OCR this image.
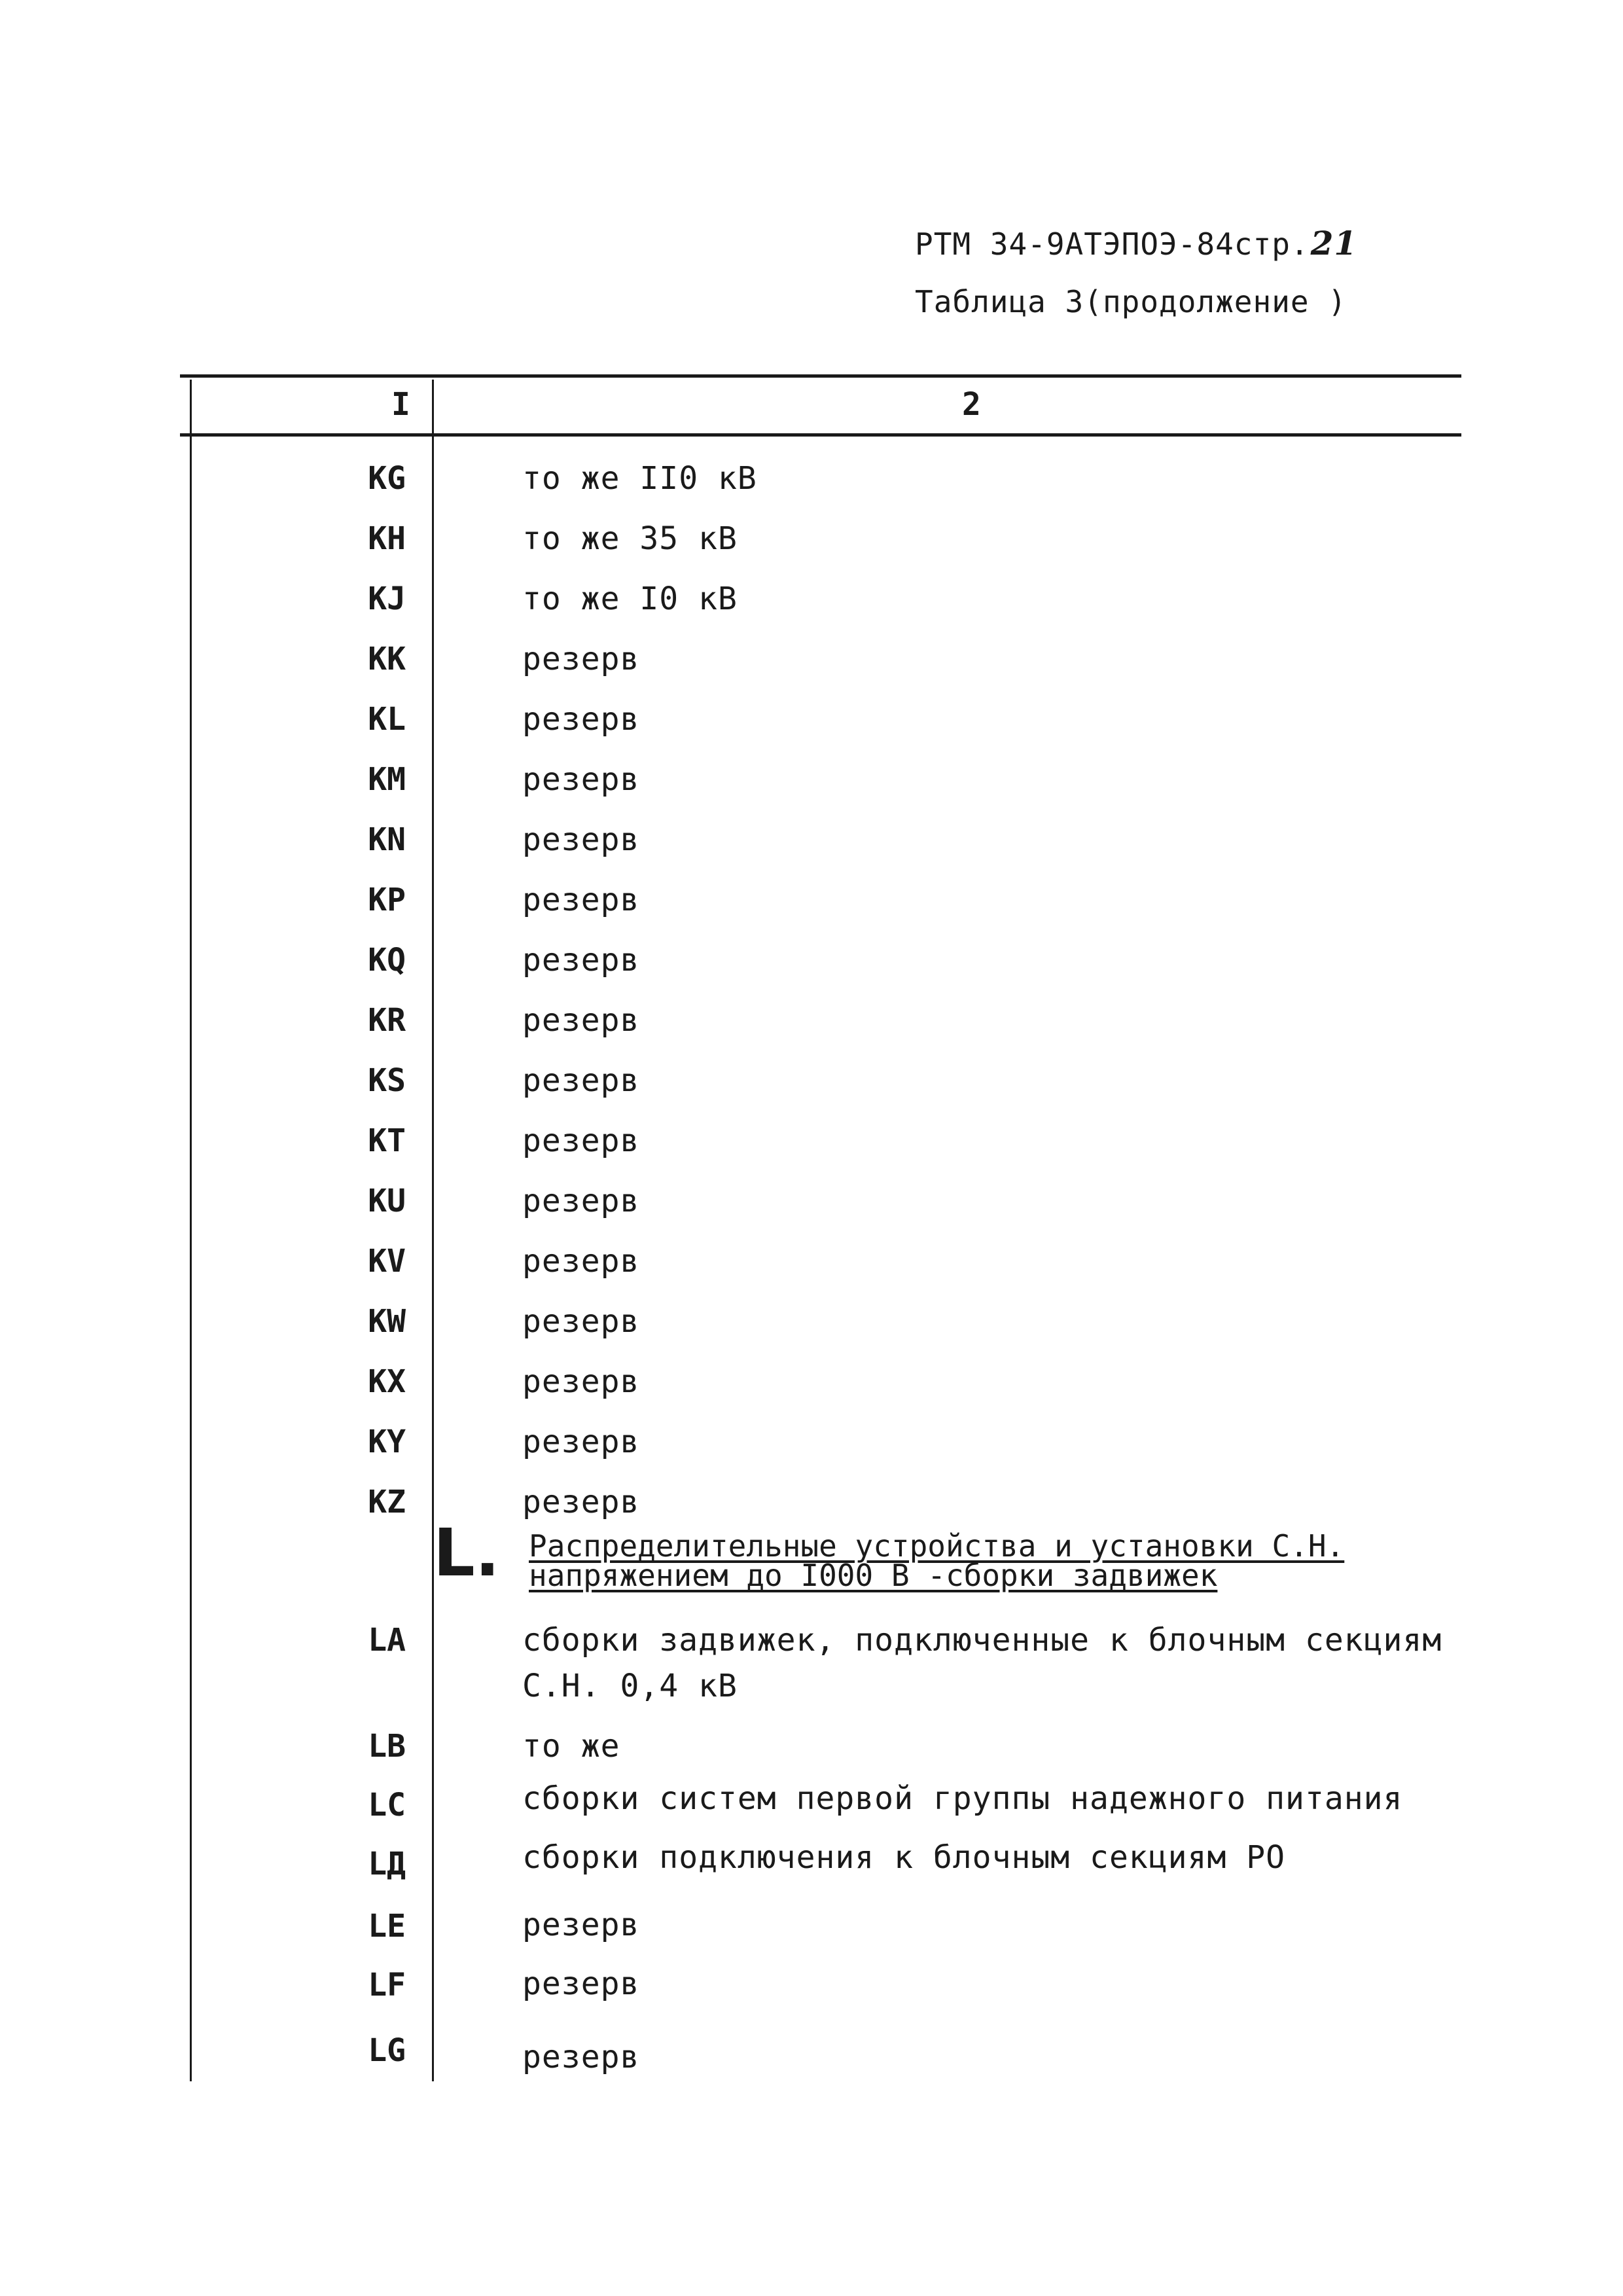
РТМ 34-9АТЭПОЭ-84стр.21
Таблица 3(продолжение )
I	2
KG	то же II0 кВ
KH	то же 35 кВ
KJ	то же I0 кВ
KK	резерв
KL	резерв
KM	резерв
KN	резерв
KP	резерв
KQ	резерв
KR	резерв
KS	резерв
KT	резерв
KU	резерв
KV	резерв
KW	резерв
KX	резерв
KY	резерв
KZ	резерв
L. Распределительные устройства и установки С.Н.
напряжением до I000 В -сборки задвижек
LA	сборки задвижек, подключенные к блочным секциям
С.Н. 0,4 кВ
LB	то же
LC	сборки систем первой группы надежного питания
LД	сборки подключения к блочным секциям РО
LE	резерв
LF	резерв
LG	резерв
